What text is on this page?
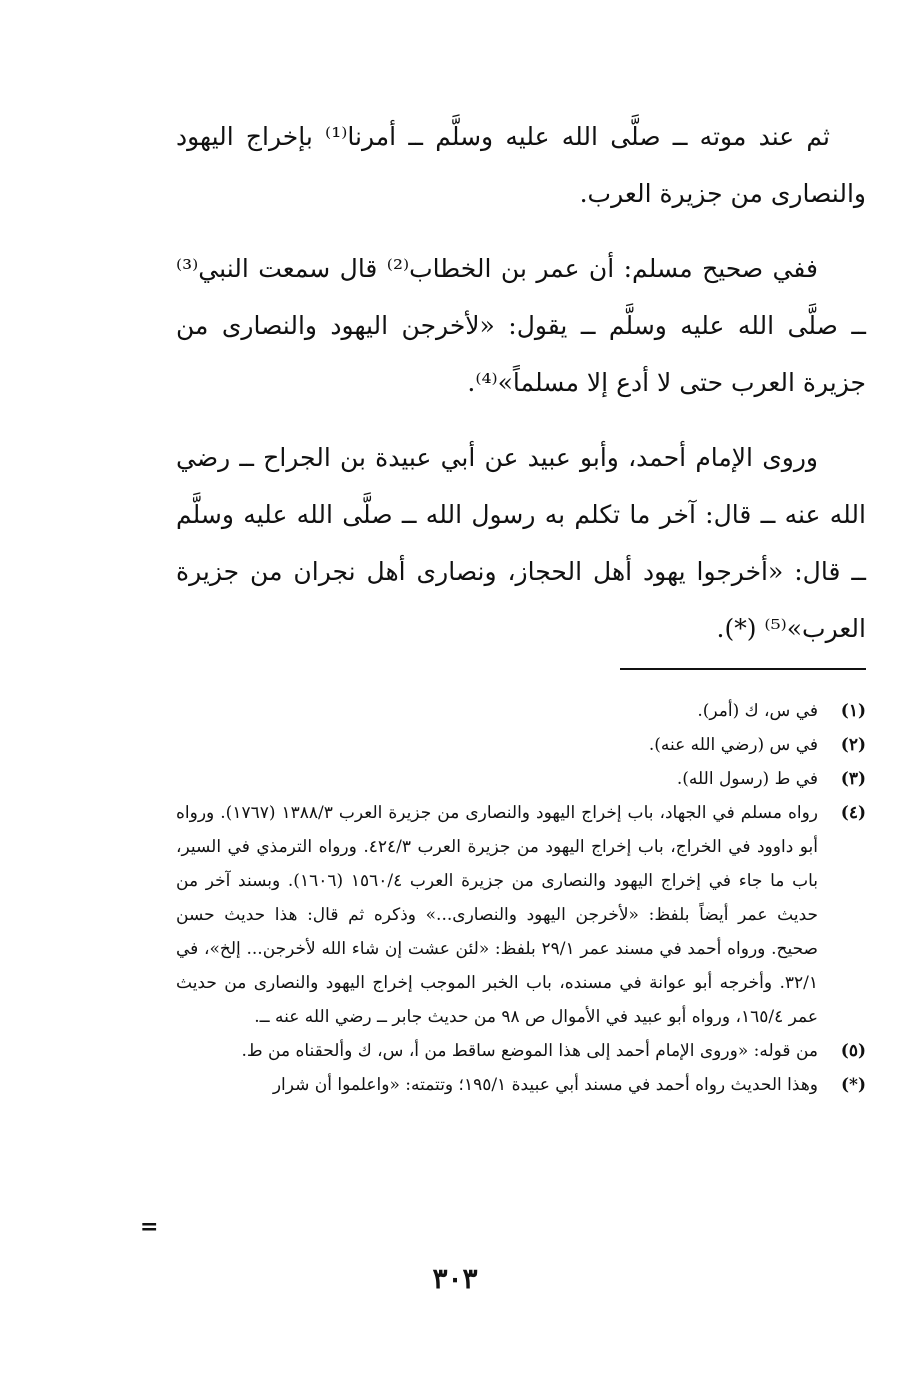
ثم عند موته ــ صلَّى الله عليه وسلَّم ــ أمرنا⁽¹⁾ بإخراج اليهود والنصارى من جزيرة العرب.

ففي صحيح مسلم: أن عمر بن الخطاب⁽²⁾ قال سمعت النبي⁽³⁾ ــ صلَّى الله عليه وسلَّم ــ يقول: «لأخرجن اليهود والنصارى من جزيرة العرب حتى لا أدع إلا مسلماً»⁽⁴⁾.

وروى الإمام أحمد، وأبو عبيد عن أبي عبيدة بن الجراح ــ رضي الله عنه ــ قال: آخر ما تكلم به رسول الله ــ صلَّى الله عليه وسلَّم ــ قال: «أخرجوا يهود أهل الحجاز، ونصارى أهل نجران من جزيرة العرب»⁽⁵⁾ (*).

(١)
في س، ك (أمر).
(٢)
في س (رضي الله عنه).
(٣)
في ط (رسول الله).
(٤)
رواه مسلم في الجهاد، باب إخراج اليهود والنصارى من جزيرة العرب ١٣٨٨/٣ (١٧٦٧). ورواه أبو داوود في الخراج، باب إخراج اليهود من جزيرة العرب ٤٢٤/٣. ورواه الترمذي في السير، باب ما جاء في إخراج اليهود والنصارى من جزيرة العرب ١٥٦٠/٤ (١٦٠٦). وبسند آخر من حديث عمر أيضاً بلفظ: «لأخرجن اليهود والنصارى...» وذكره ثم قال: هذا حديث حسن صحيح. ورواه أحمد في مسند عمر ٢٩/١ بلفظ: «لئن عشت إن شاء الله لأخرجن... إلخ»، في ٣٢/١. وأخرجه أبو عوانة في مسنده، باب الخبر الموجب إخراج اليهود والنصارى من حديث عمر ١٦٥/٤، ورواه أبو عبيد في الأموال ص ٩٨ من حديث جابر ــ رضي الله عنه ــ.
(٥)
من قوله: «وروى الإمام أحمد إلى هذا الموضع ساقط من أ، س، ك وألحقناه من ط.
(*)
وهذا الحديث رواه أحمد في مسند أبي عبيدة ١٩٥/١؛ وتتمته: «واعلموا أن شرار
=
٣٠٣
